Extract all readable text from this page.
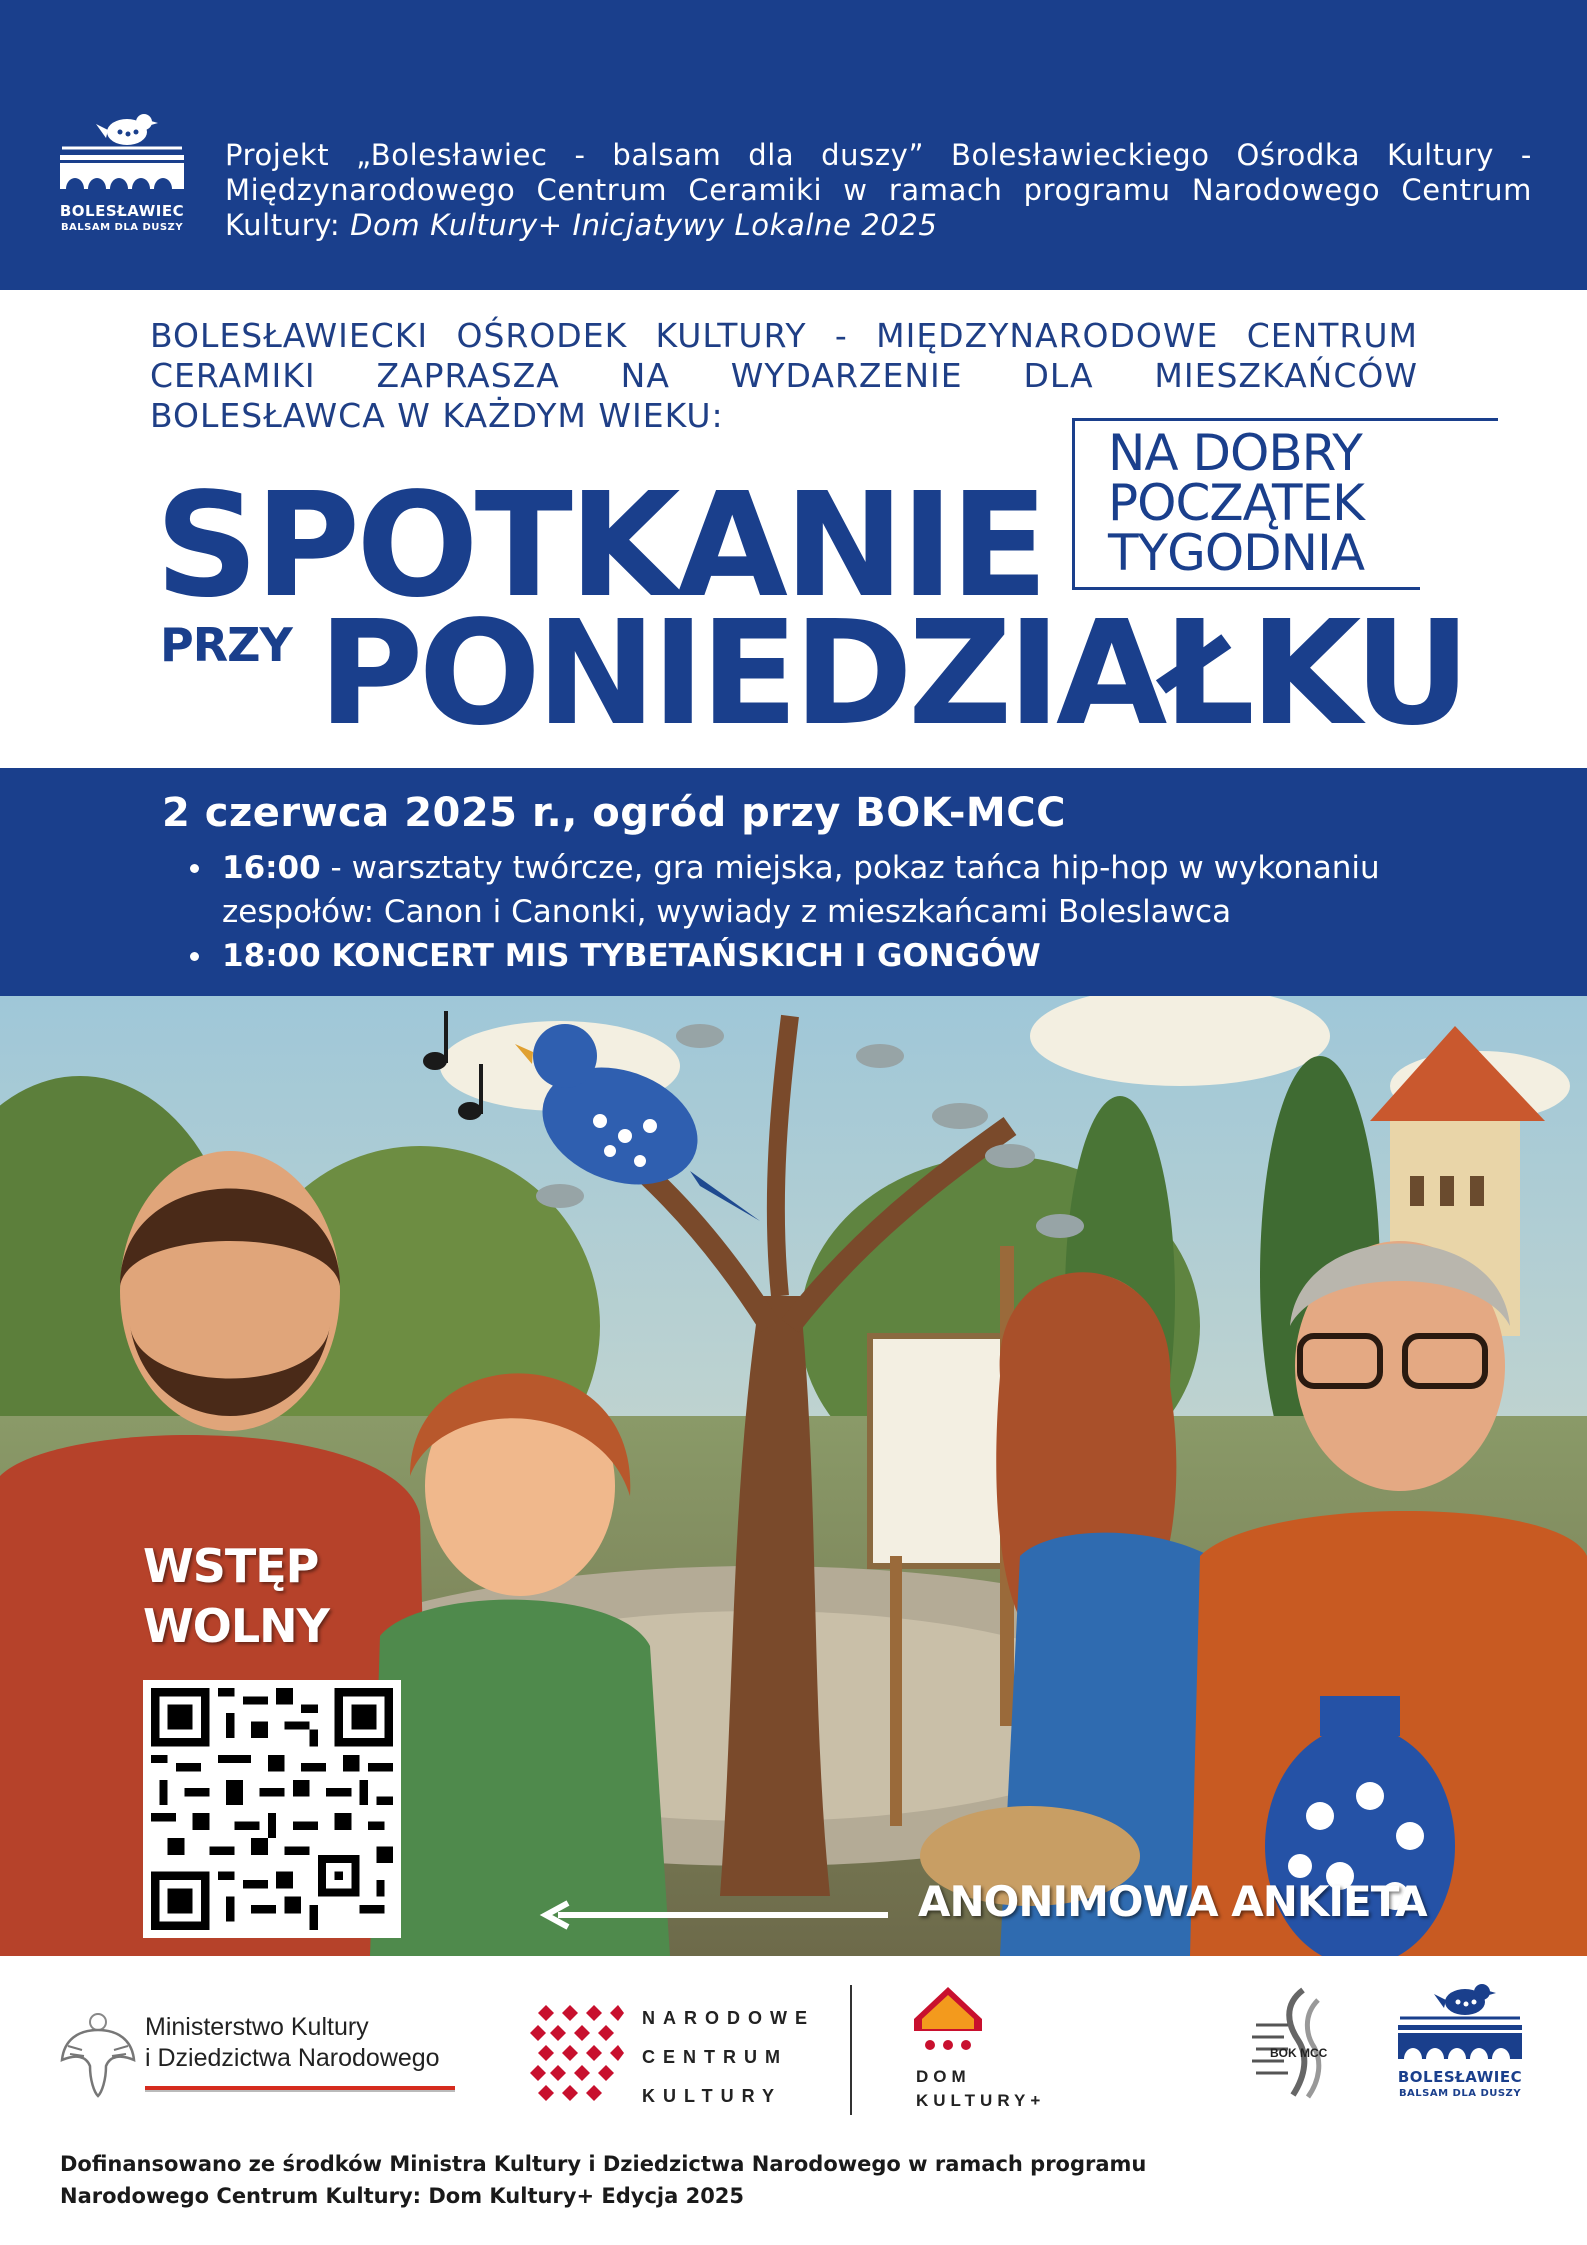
BOLESŁAWIEC
BALSAM DLA DUSZY
Projekt „Bolesławiec - balsam dla duszy” Bolesławieckiego Ośrodka Kultury - Międzynarodowego Centrum Ceramiki w ramach programu Narodowego Centrum Kultury: Dom Kultury+ Inicjatywy Lokalne 2025
BOLESŁAWIECKI OŚRODEK KULTURY - MIĘDZYNARODOWE CENTRUM CERAMIKI ZAPRASZA NA WYDARZENIE DLA MIESZKAŃCÓW BOLESŁAWCA W KAŻDYM WIEKU:
SPOTKANIE
PRZY PONIEDZIAŁKU
NA DOBRY POCZĄTEK TYGODNIA
2 czerwca 2025 r., ogród przy BOK-MCC
16:00 - warsztaty twórcze, gra miejska, pokaz tańca hip-hop w wykonaniu zespołów: Canon i Canonki, wywiady z mieszkańcami Boleslawca
18:00 KONCERT MIS TYBETAŃSKICH I GONGÓW
WSTĘP
WOLNY
ANONIMOWA ANKIETA
Ministerstwo Kultury
i Dziedzictwa Narodowego
NARODOWE
CENTRUM
KULTURY
DOM
KULTURY+
BOK MCC
BOLESŁAWIEC
BALSAM DLA DUSZY
Dofinansowano ze środków Ministra Kultury i Dziedzictwa Narodowego w ramach programu
Narodowego Centrum Kultury: Dom Kultury+ Edycja 2025
